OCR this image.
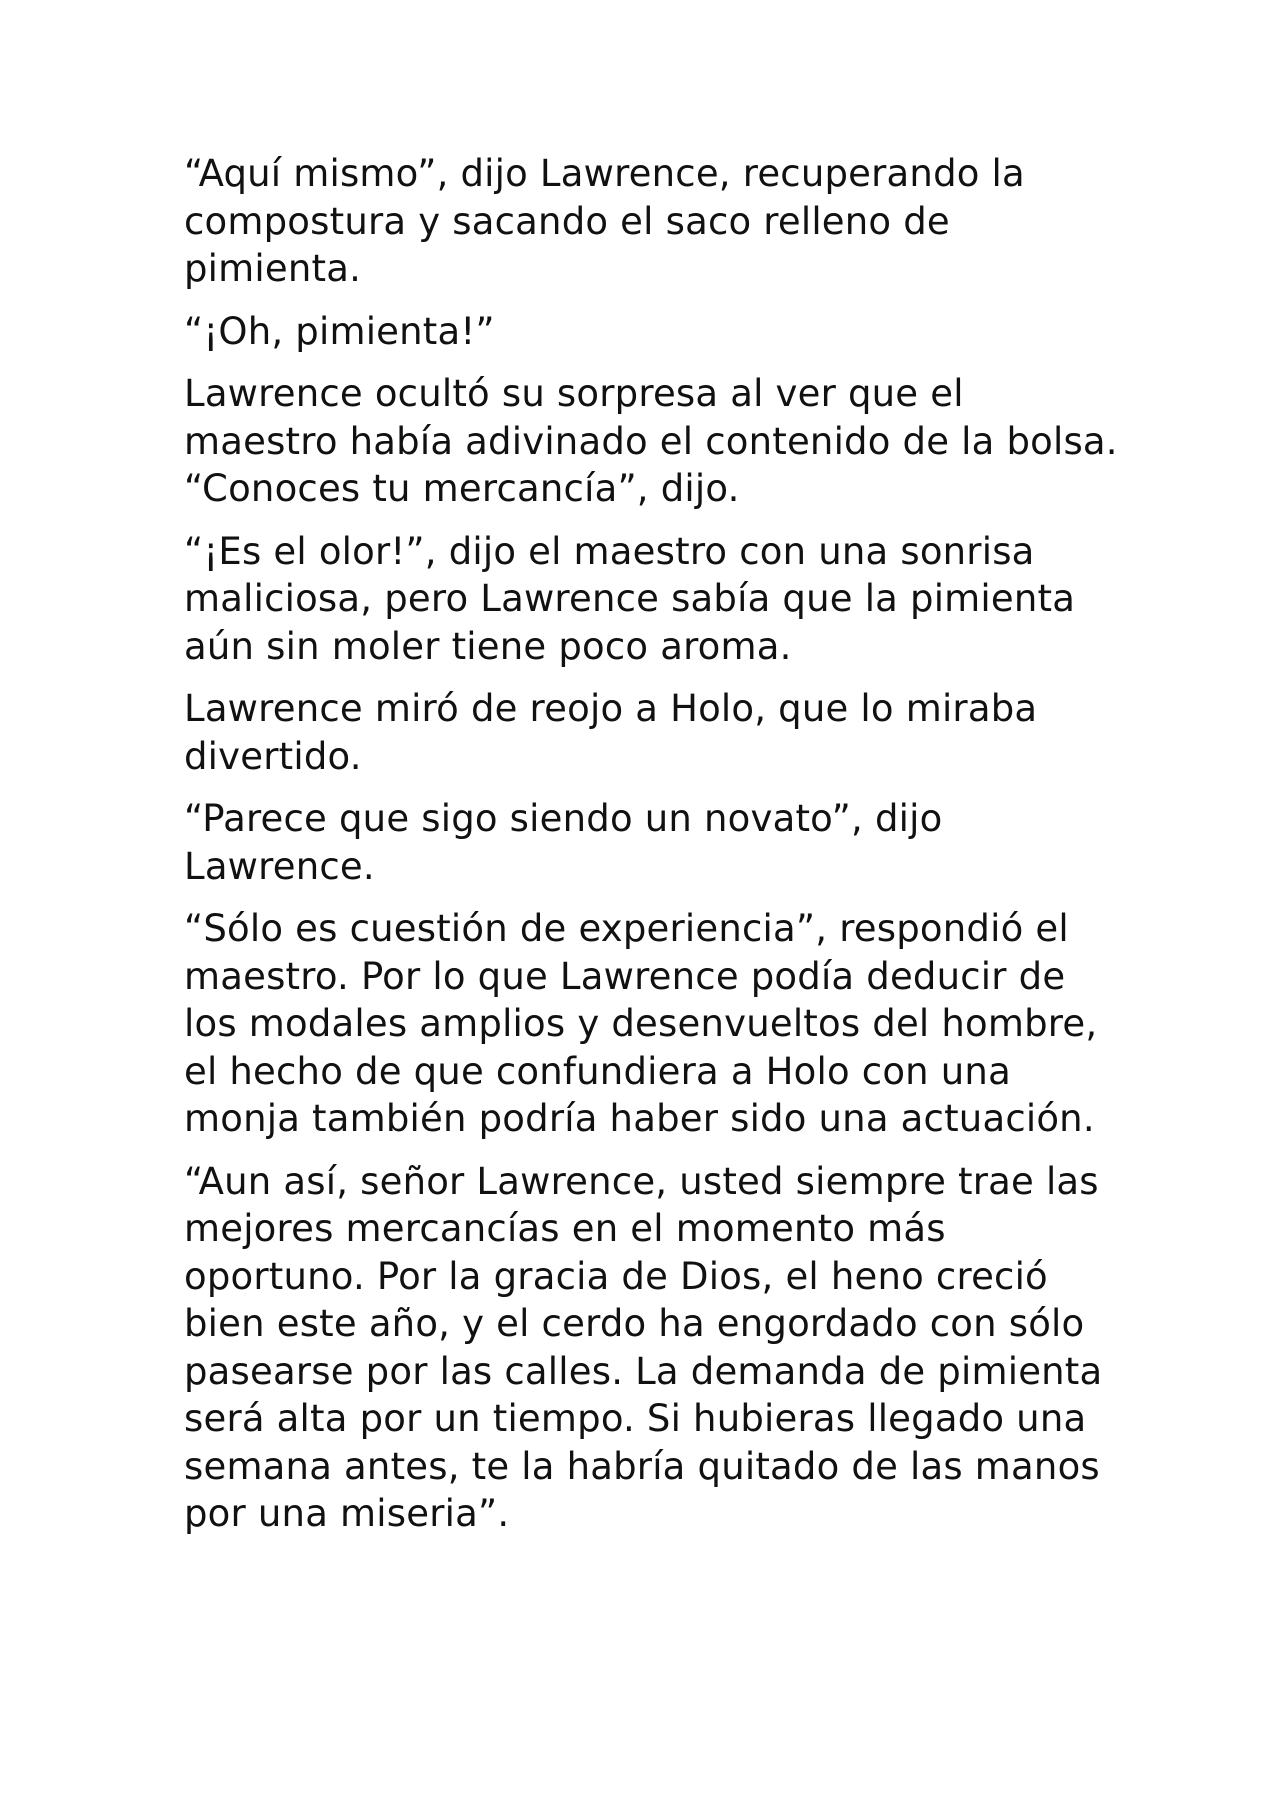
“Aquí mismo”, dijo Lawrence, recuperando la compostura y sacando el saco relleno de pimienta.

“¡Oh, pimienta!”

Lawrence ocultó su sorpresa al ver que el maestro había adivinado el contenido de la bolsa. “Conoces tu mercancía”, dijo.

“¡Es el olor!”, dijo el maestro con una sonrisa maliciosa, pero Lawrence sabía que la pimienta aún sin moler tiene poco aroma.

Lawrence miró de reojo a Holo, que lo miraba divertido.

“Parece que sigo siendo un novato”, dijo Lawrence.

“Sólo es cuestión de experiencia”, respondió el maestro. Por lo que Lawrence podía deducir de los modales amplios y desenvueltos del hombre, el hecho de que confundiera a Holo con una monja también podría haber sido una actuación.

“Aun así, señor Lawrence, usted siempre trae las mejores mercancías en el momento más oportuno. Por la gracia de Dios, el heno creció bien este año, y el cerdo ha engordado con sólo pasearse por las calles. La demanda de pimienta será alta por un tiempo. Si hubieras llegado una semana antes, te la habría quitado de las manos por una miseria”.
